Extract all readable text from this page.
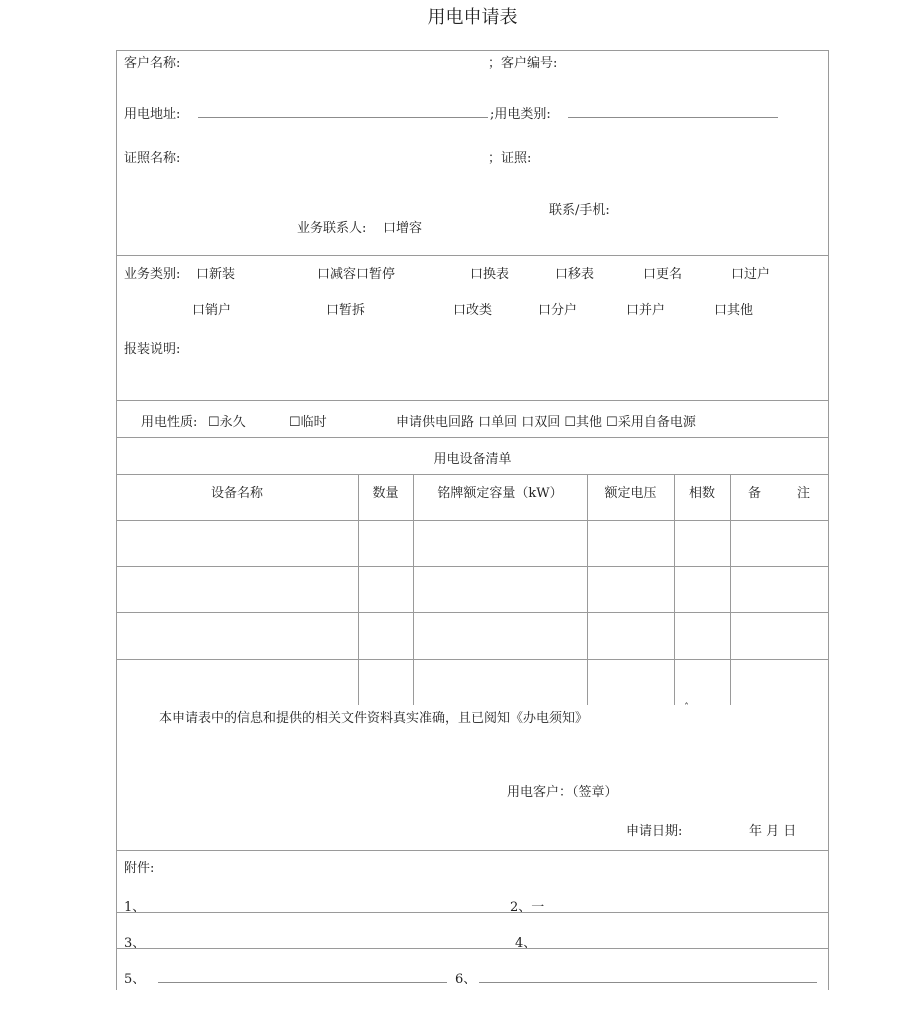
用电申请表
客户名称:	；客户编号:
用电地址:	;用电类别:
证照名称:	；证照:
联系/手机:
业务联系人: 口增容
业务类别: 口新装	口减容口暂停	口换表	口移表	口更名	口过户
口销户	口暂拆	口改类	口分户	口并户	口其他
报装说明:
用电性质: ☐永久	☐临时	申请供电回路 口单回 口双回 ☐其他 ☐采用自备电源
用电设备清单
设备名称	数量	铭牌额定容量（kW）	额定电压	相数	备	注
本申请表中的信息和提供的相关文件资料真实准确，且已阅知《办电须知》
ˆ
用电客户：（签章）
申请日期:	年 月 日
附件:
1、	2、一
3、	4、
5、	6、
